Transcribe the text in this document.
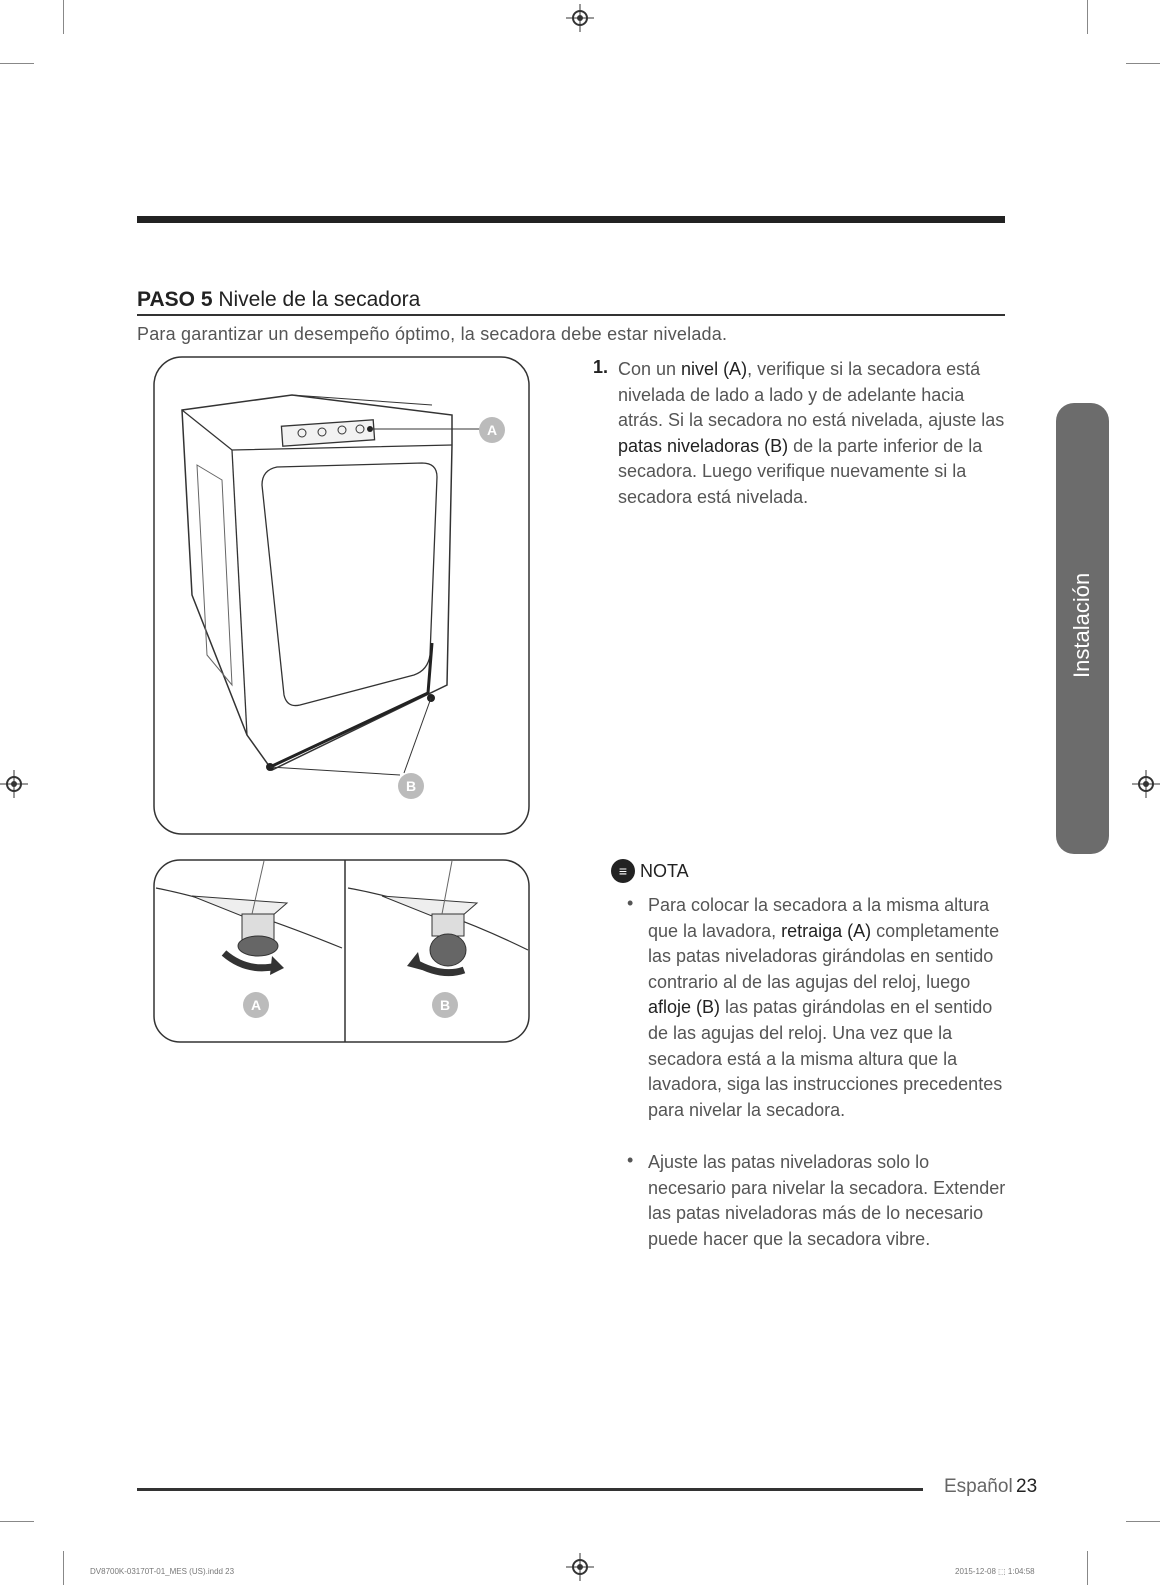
PASO 5 Nivele de la secadora
Para garantizar un desempeño óptimo, la secadora debe estar nivelada.
A
B
A	B
1. Con un nivel (A), verifique si la secadora está nivelada de lado a lado y de adelante hacia atrás. Si la secadora no está nivelada, ajuste las patas niveladoras (B) de la parte inferior de la secadora. Luego verifique nuevamente si la secadora está nivelada.
≡ NOTA
• Para colocar la secadora a la misma altura que la lavadora, retraiga (A) completamente las patas niveladoras girándolas en sentido contrario al de las agujas del reloj, luego afloje (B) las patas girándolas en el sentido de las agujas del reloj. Una vez que la secadora está a la misma altura que la lavadora, siga las instrucciones precedentes para nivelar la secadora.
• Ajuste las patas niveladoras solo lo necesario para nivelar la secadora. Extender las patas niveladoras más de lo necesario puede hacer que la secadora vibre.
Instalación
Español 23
DV8700K-03170T-01_MES (US).indd 23	2015-12-08 ⬚ 1:04:58
